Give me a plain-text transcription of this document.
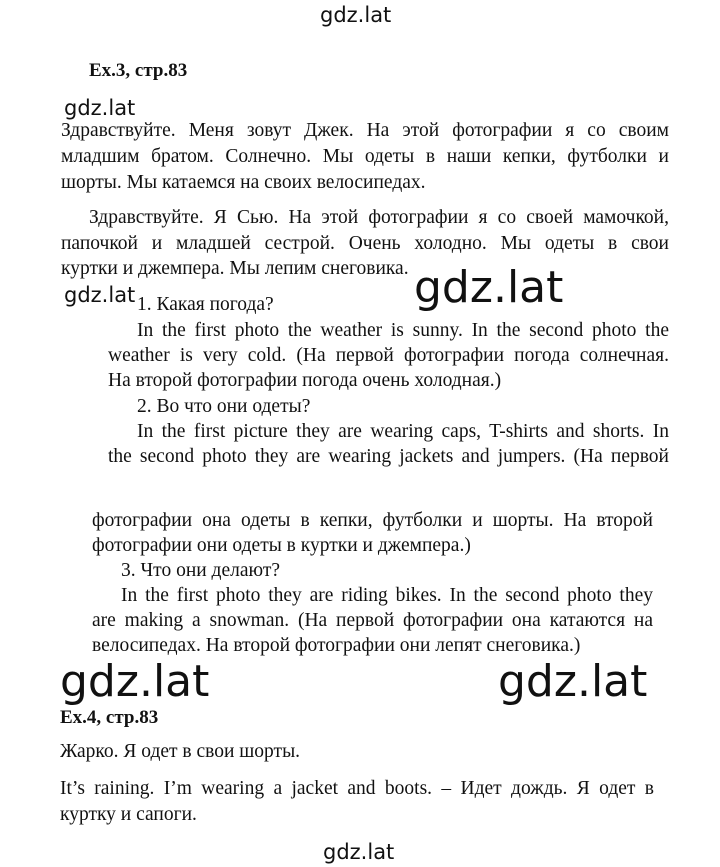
gdz.lat
gdz.lat
gdz.lat
gdz.lat
gdz.lat	gdz.lat
gdz.lat
Ex.3, стр.83
Здравствуйте. Меня зовут Джек. На этой фотографии я со своим
младшим братом. Солнечно. Мы одеты в наши кепки, футболки и
шорты. Мы катаемся на своих велосипедах.
Здравствуйте. Я Сью. На этой фотографии я со своей мамочкой,
папочкой и младшей сестрой. Очень холодно. Мы одеты в свои
куртки и джемпера. Мы лепим снеговика.
1. Какая погода?
In the first photo the weather is sunny. In the second photo the
weather is very cold. (На первой фотографии погода солнечная.
На второй фотографии погода очень холодная.)
2. Во что они одеты?
In the first picture they are wearing caps, T-shirts and shorts. In
the second photo they are wearing jackets and jumpers. (На первой
фотографии она одеты в кепки, футболки и шорты. На второй
фотографии они одеты в куртки и джемпера.)
3. Что они делают?
In the first photo they are riding bikes. In the second photo they
are making a snowman. (На первой фотографии она катаются на
велосипедах. На второй фотографии они лепят снеговика.)
Ex.4, стр.83
Жарко. Я одет в свои шорты.
It’s raining. I’m wearing a jacket and boots. – Идет дождь. Я одет в
куртку и сапоги.
